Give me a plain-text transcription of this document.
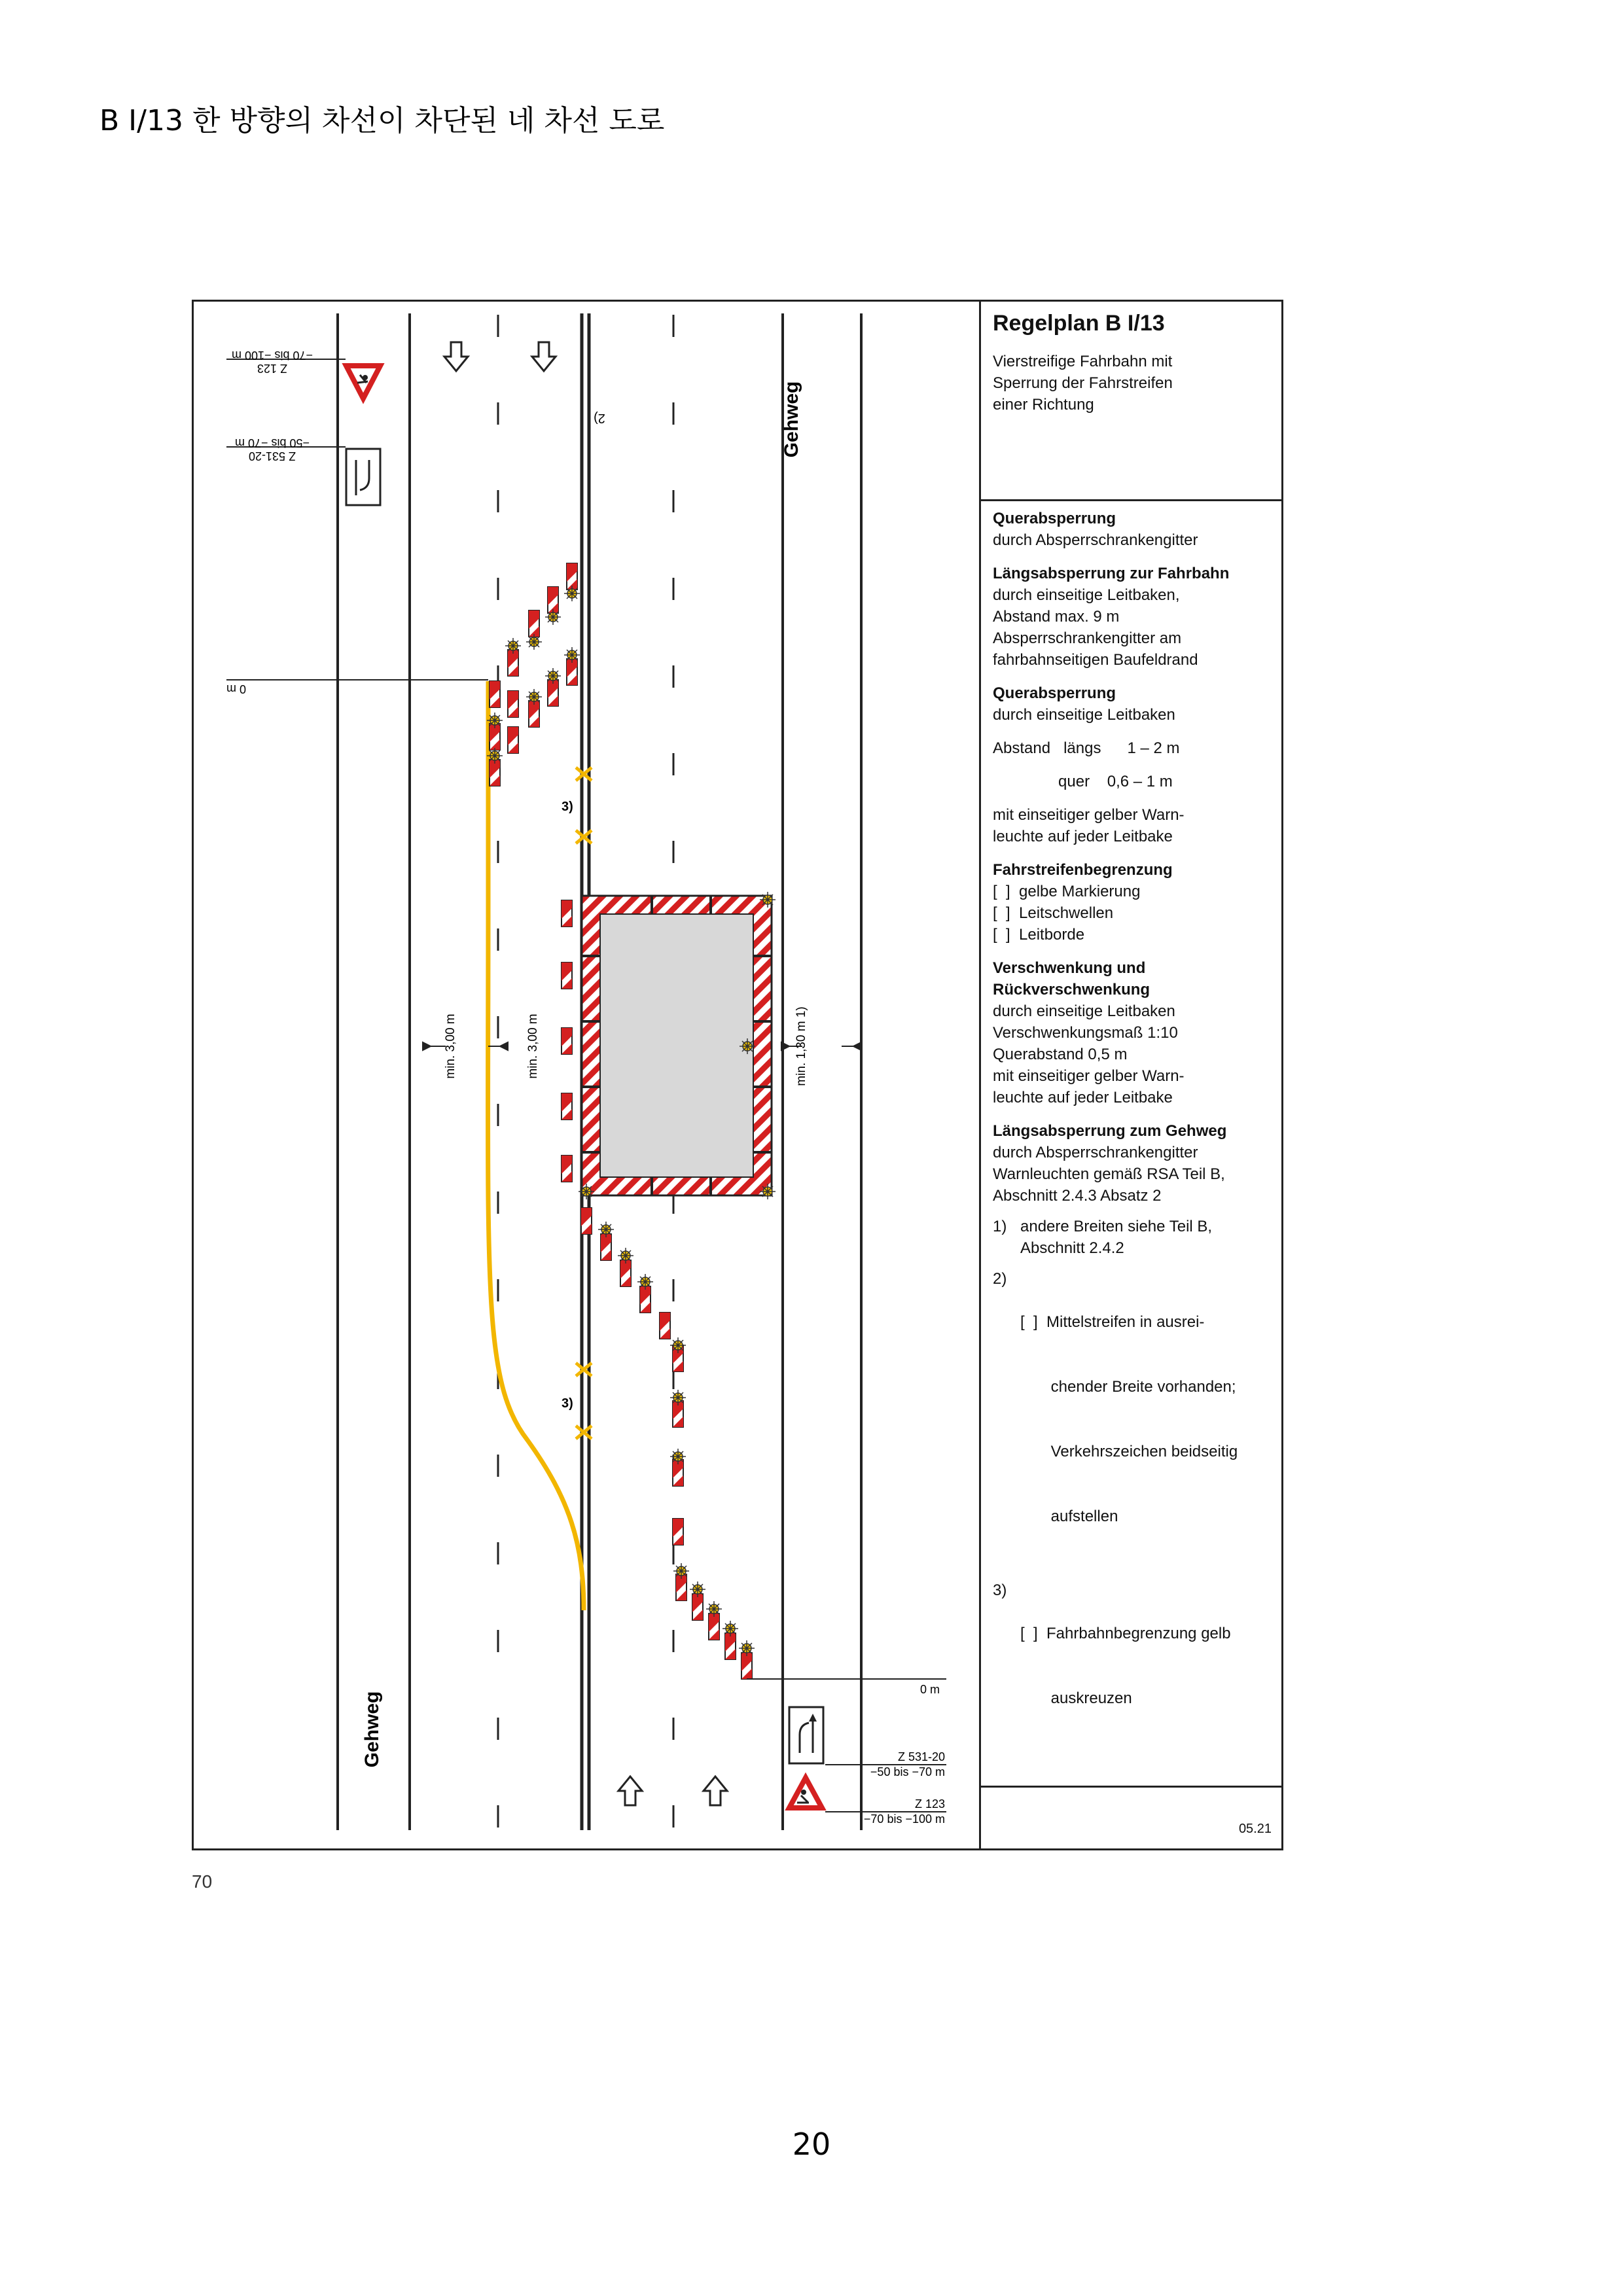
B I/13 한 방향의 차선이 차단된 네 차선 도로
3)
3)
2)
min. 3,00 m	min. 3,00 m	min. 1,30 m 1)
Gehweg
Gehweg
Z 123
−70 bis −100 m
Z 531-20
−50 bis −70 m
0 m
0 m
Z 531-20
−50 bis −70 m
Z 123
−70 bis −100 m
Regelplan B I/13
Vierstreifige Fahrbahn mit
Sperrung der Fahrstreifen
einer Richtung
Querabsperrung
durch Absperrschrankengitter
Längsabsperrung zur Fahrbahn
durch einseitige Leitbaken,
Abstand max. 9 m
Absperrschrankengitter am
fahrbahnseitigen Baufeldrand
Querabsperrung
durch einseitige Leitbaken
Abstand   längs      1 – 2 m
quer    0,6 – 1 m
mit einseitiger gelber Warn-
leuchte auf jeder Leitbake
Fahrstreifenbegrenzung
[  ]  gelbe Markierung
[  ]  Leitschwellen
[  ]  Leitborde
Verschwenkung und
Rückverschwenkung
durch einseitige Leitbaken
Verschwenkungsmaß 1:10
Querabstand 0,5 m
mit einseitiger gelber Warn-
leuchte auf jeder Leitbake
Längsabsperrung zum Gehweg
durch Absperrschrankengitter
Warnleuchten gemäß RSA Teil B,
Abschnitt 2.4.3 Absatz 2
1) andere Breiten siehe Teil B,
Abschnitt 2.4.2
2)

[  ]  Mittelstreifen in ausrei-

chender Breite vorhanden;

Verkehrszeichen beidseitig

aufstellen

3)

[  ]  Fahrbahnbegrenzung gelb

auskreuzen

05.21
70
20
